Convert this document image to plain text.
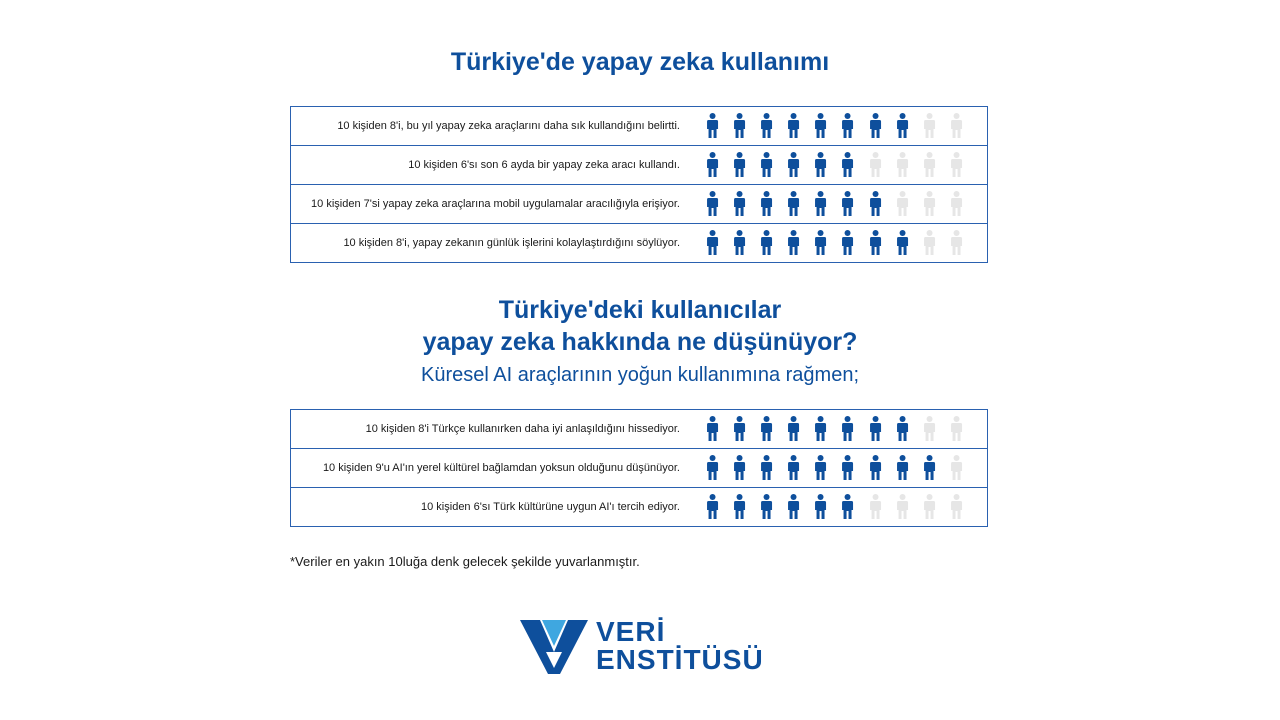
Türkiye'de yapay zeka kullanımı
10 kişiden 8'i, bu yıl yapay zeka araçlarını daha sık kullandığını belirtti.
10 kişiden 6'sı son 6 ayda bir yapay zeka aracı kullandı.
10 kişiden 7'si yapay zeka araçlarına mobil uygulamalar aracılığıyla erişiyor.
10 kişiden 8'i, yapay zekanın günlük işlerini kolaylaştırdığını söylüyor.
Türkiye'deki kullanıcılar
yapay zeka hakkında ne düşünüyor?
Küresel AI araçlarının yoğun kullanımına rağmen;
10 kişiden 8'i Türkçe kullanırken daha iyi anlaşıldığını hissediyor.
10 kişiden 9'u AI'ın yerel kültürel bağlamdan yoksun olduğunu düşünüyor.
10 kişiden 6'sı Türk kültürüne uygun AI'ı tercih ediyor.
*Veriler en yakın 10luğa denk gelecek şekilde yuvarlanmıştır.
VERİ
ENSTİTÜSÜ
